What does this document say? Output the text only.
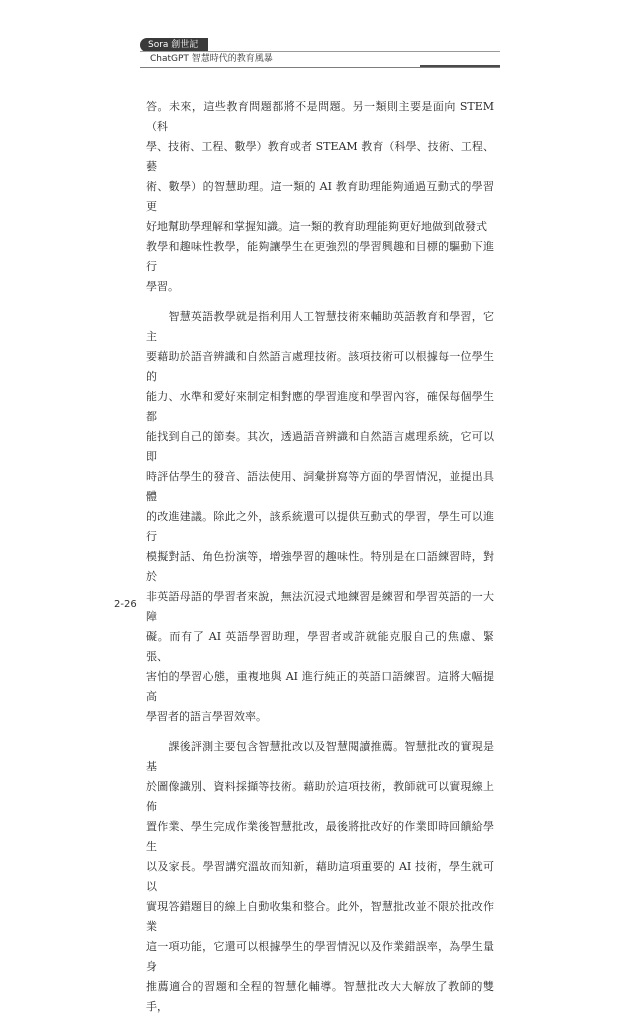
Sora 創世記
ChatGPT 智慧時代的教育風暴

答。未來，這些教育問題都將不是問題。另一類則主要是面向 STEM（科
學、技術、工程、數學）教育或者 STEAM 教育（科學、技術、工程、藝
術、數學）的智慧助理。這一類的 AI 教育助理能夠通過互動式的學習更
好地幫助學理解和掌握知識。這一類的教育助理能夠更好地做到啟發式
教學和趣味性教學，能夠讓學生在更強烈的學習興趣和目標的驅動下進行
學習。

　　智慧英語教學就是指利用人工智慧技術來輔助英語教育和學習，它主
要藉助於語音辨識和自然語言處理技術。該項技術可以根據每一位學生的
能力、水準和愛好來制定相對應的學習進度和學習內容，確保每個學生都
能找到自己的節奏。其次，透過語音辨識和自然語言處理系統，它可以即
時評估學生的發音、語法使用、詞彙拼寫等方面的學習情況，並提出具體
的改進建議。除此之外，該系統還可以提供互動式的學習，學生可以進行
模擬對話、角色扮演等，增強學習的趣味性。特別是在口語練習時，對於
非英語母語的學習者來說，無法沉浸式地練習是練習和學習英語的一大障
礙。而有了 AI 英語學習助理，學習者或許就能克服自己的焦慮、緊張、
害怕的學習心態，重複地與 AI 進行純正的英語口語練習。這將大幅提高
學習者的語言學習效率。

　　課後評測主要包含智慧批改以及智慧閱讀推薦。智慧批改的實現是基
於圖像識別、資料採擷等技術。藉助於這項技術，教師就可以實現線上佈
置作業、學生完成作業後智慧批改，最後將批改好的作業即時回饋給學生
以及家長。學習講究溫故而知新，藉助這項重要的 AI 技術，學生就可以
實現答錯題目的線上自動收集和整合。此外，智慧批改並不限於批改作業
這一項功能，它還可以根據學生的學習情況以及作業錯誤率，為學生量身
推薦適合的習題和全程的智慧化輔導。智慧批改大大解放了教師的雙手，

2-26
